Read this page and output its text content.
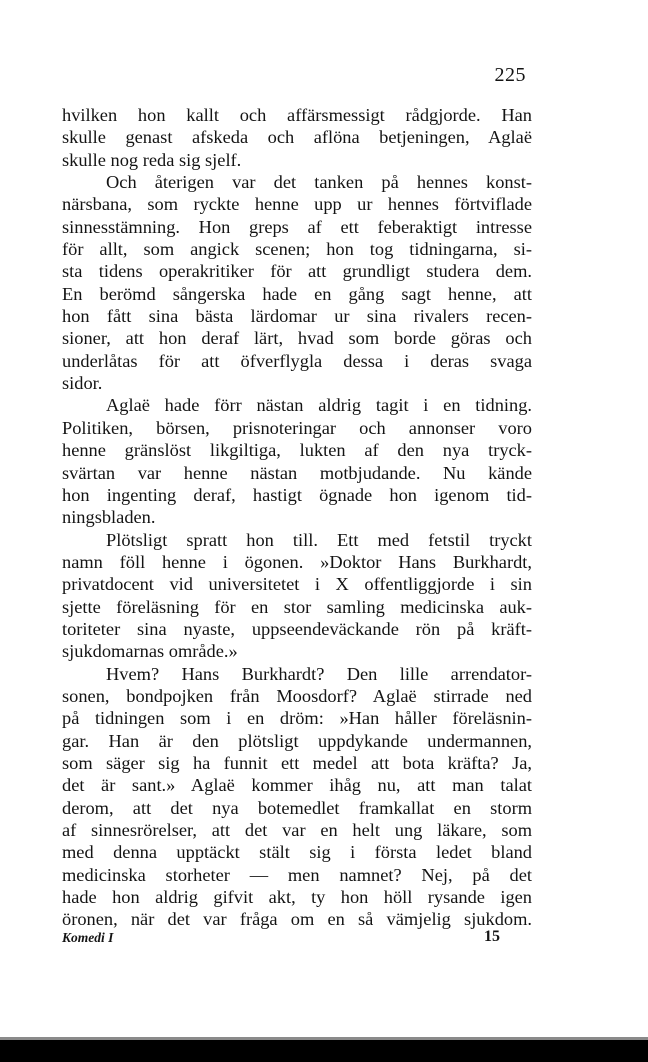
225
hvilken hon kallt och affärsmessigt rådgjorde. Han
skulle genast afskeda och aflöna betjeningen, Aglaë
skulle nog reda sig sjelf.
Och återigen var det tanken på hennes konst-
närsbana, som ryckte henne upp ur hennes förtviflade
sinnesstämning. Hon greps af ett feberaktigt intresse
för allt, som angick scenen; hon tog tidningarna, si-
sta tidens operakritiker för att grundligt studera dem.
En berömd sångerska hade en gång sagt henne, att
hon fått sina bästa lärdomar ur sina rivalers recen-
sioner, att hon deraf lärt, hvad som borde göras och
underlåtas för att öfverflygla dessa i deras svaga
sidor.
Aglaë hade förr nästan aldrig tagit i en tidning.
Politiken, börsen, prisnoteringar och annonser voro
henne gränslöst likgiltiga, lukten af den nya tryck-
svärtan var henne nästan motbjudande. Nu kände
hon ingenting deraf, hastigt ögnade hon igenom tid-
ningsbladen.
Plötsligt spratt hon till. Ett med fetstil tryckt
namn föll henne i ögonen. »Doktor Hans Burkhardt,
privatdocent vid universitetet i X offentliggjorde i sin
sjette föreläsning för en stor samling medicinska auk-
toriteter sina nyaste, uppseendeväckande rön på kräft-
sjukdomarnas område.»
Hvem? Hans Burkhardt? Den lille arrendator-
sonen, bondpojken från Moosdorf? Aglaë stirrade ned
på tidningen som i en dröm: »Han håller föreläsnin-
gar. Han är den plötsligt uppdykande undermannen,
som säger sig ha funnit ett medel att bota kräfta? Ja,
det är sant.» Aglaë kommer ihåg nu, att man talat
derom, att det nya botemedlet framkallat en storm
af sinnesrörelser, att det var en helt ung läkare, som
med denna upptäckt stält sig i första ledet bland
medicinska storheter — men namnet? Nej, på det
hade hon aldrig gifvit akt, ty hon höll rysande igen
öronen, när det var fråga om en så vämjelig sjukdom.
Komedi I	15
